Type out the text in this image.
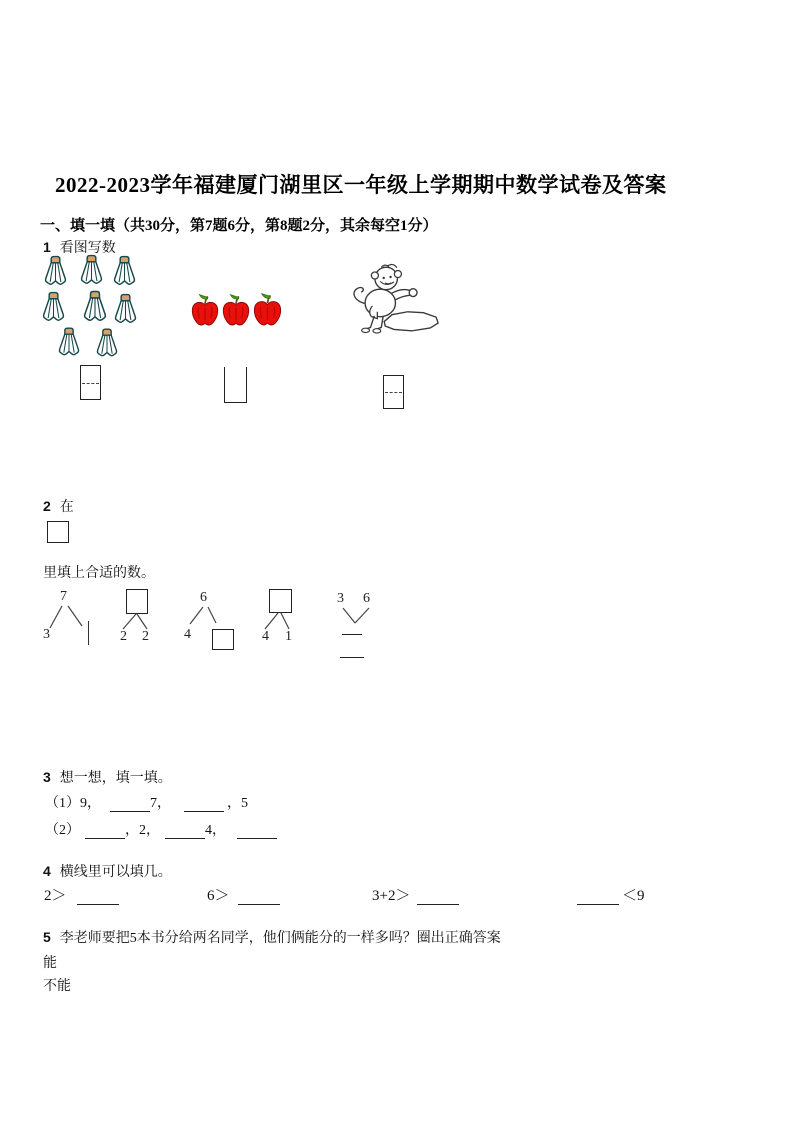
2022-2023学年福建厦门湖里区一年级上学期期中数学试卷及答案
一、填一填（共30分，第7题6分，第8题2分，其余每空1分）
1 看图写数
2 在
里填上合适的数。
7
3	2 2
6
4	4 1
3 6
3 想一想，填一填。
（1）9，	7，	，5
（2）	，2，	4，
4 横线里可以填几。
2＞	6＞	3+2＞	＜9
5 李老师要把5本书分给两名同学，他们俩能分的一样多吗？圈出正确答案
能
不能
